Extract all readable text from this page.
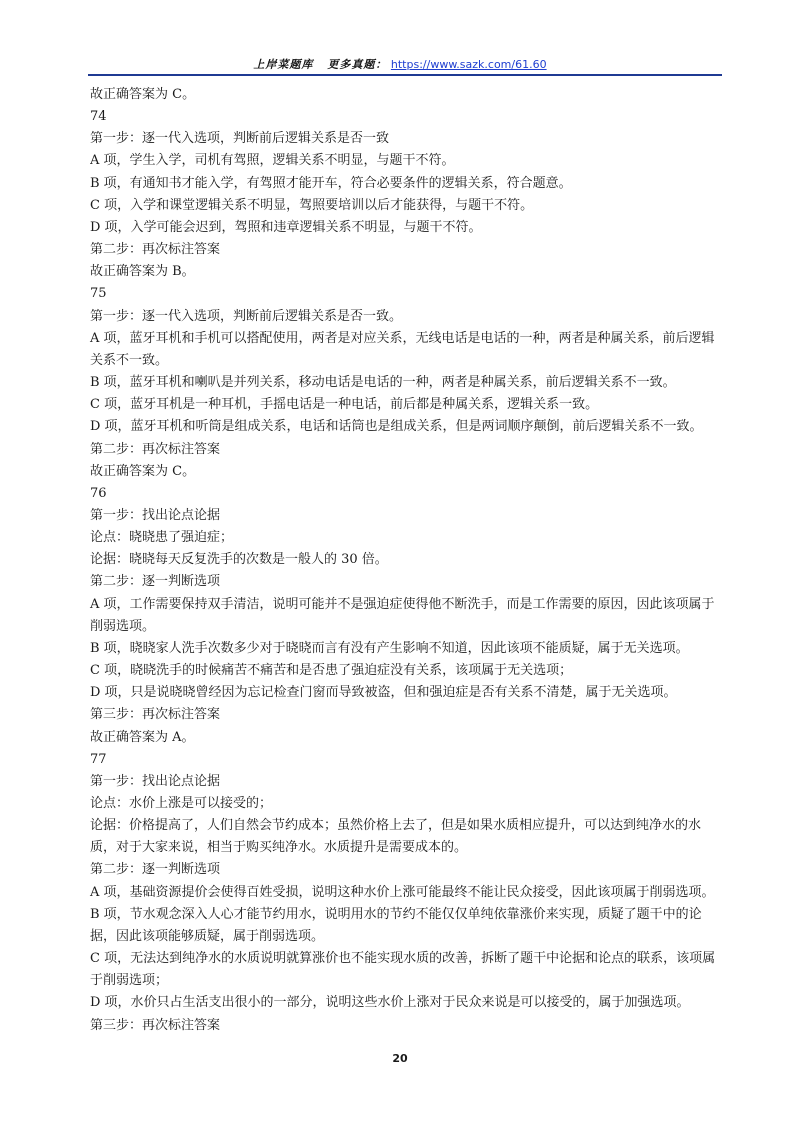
上岸菜题库 更多真题： https://www.sazk.com/61.60
故正确答案为 C。
74
第一步：逐一代入选项，判断前后逻辑关系是否一致
A 项，学生入学，司机有驾照，逻辑关系不明显，与题干不符。
B 项，有通知书才能入学，有驾照才能开车，符合必要条件的逻辑关系，符合题意。
C 项，入学和课堂逻辑关系不明显，驾照要培训以后才能获得，与题干不符。
D 项，入学可能会迟到，驾照和违章逻辑关系不明显，与题干不符。
第二步：再次标注答案
故正确答案为 B。
75
第一步：逐一代入选项，判断前后逻辑关系是否一致。
A 项，蓝牙耳机和手机可以搭配使用，两者是对应关系，无线电话是电话的一种，两者是种属关系，前后逻辑关系不一致。
B 项，蓝牙耳机和喇叭是并列关系，移动电话是电话的一种，两者是种属关系，前后逻辑关系不一致。
C 项，蓝牙耳机是一种耳机，手摇电话是一种电话，前后都是种属关系，逻辑关系一致。
D 项，蓝牙耳机和听筒是组成关系，电话和话筒也是组成关系，但是两词顺序颠倒，前后逻辑关系不一致。
第二步：再次标注答案
故正确答案为 C。
76
第一步：找出论点论据
论点：晓晓患了强迫症；
论据：晓晓每天反复洗手的次数是一般人的 30 倍。
第二步：逐一判断选项
A 项，工作需要保持双手清洁，说明可能并不是强迫症使得他不断洗手，而是工作需要的原因，因此该项属于削弱选项。
B 项，晓晓家人洗手次数多少对于晓晓而言有没有产生影响不知道，因此该项不能质疑，属于无关选项。
C 项，晓晓洗手的时候痛苦不痛苦和是否患了强迫症没有关系，该项属于无关选项；
D 项，只是说晓晓曾经因为忘记检查门窗而导致被盗，但和强迫症是否有关系不清楚，属于无关选项。
第三步：再次标注答案
故正确答案为 A。
77
第一步：找出论点论据
论点：水价上涨是可以接受的；
论据：价格提高了，人们自然会节约成本；虽然价格上去了，但是如果水质相应提升，可以达到纯净水的水质，对于大家来说，相当于购买纯净水。水质提升是需要成本的。
第二步：逐一判断选项
A 项，基础资源提价会使得百姓受损，说明这种水价上涨可能最终不能让民众接受，因此该项属于削弱选项。
B 项，节水观念深入人心才能节约用水，说明用水的节约不能仅仅单纯依靠涨价来实现，质疑了题干中的论据，因此该项能够质疑，属于削弱选项。
C 项，无法达到纯净水的水质说明就算涨价也不能实现水质的改善，拆断了题干中论据和论点的联系，该项属于削弱选项；
D 项，水价只占生活支出很小的一部分，说明这些水价上涨对于民众来说是可以接受的，属于加强选项。
第三步：再次标注答案
20
